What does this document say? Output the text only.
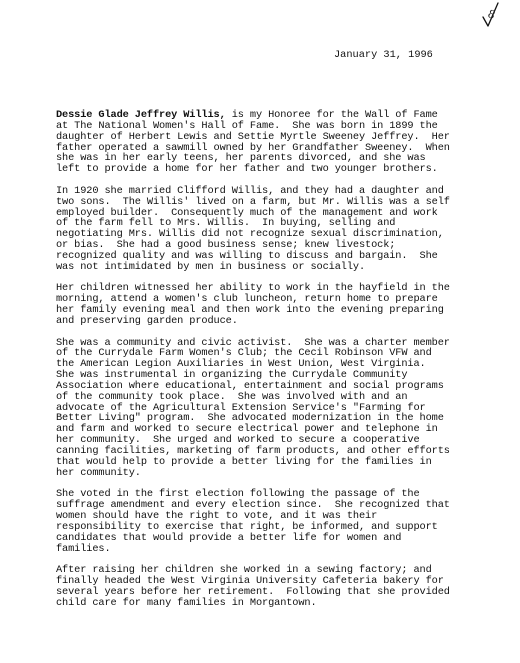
8
January 31, 1996
Dessie Glade Jeffrey Willis, is my Honoree for the Wall of Fame
at The National Women's Hall of Fame.  She was born in 1899 the
daughter of Herbert Lewis and Settie Myrtle Sweeney Jeffrey.  Her
father operated a sawmill owned by her Grandfather Sweeney.  When
she was in her early teens, her parents divorced, and she was
left to provide a home for her father and two younger brothers.
In 1920 she married Clifford Willis, and they had a daughter and
two sons.  The Willis' lived on a farm, but Mr. Willis was a self
employed builder.  Consequently much of the management and work
of the farm fell to Mrs. Willis.  In buying, selling and
negotiating Mrs. Willis did not recognize sexual discrimination,
or bias.  She had a good business sense; knew livestock;
recognized quality and was willing to discuss and bargain.  She
was not intimidated by men in business or socially.
Her children witnessed her ability to work in the hayfield in the
morning, attend a women's club luncheon, return home to prepare
her family evening meal and then work into the evening preparing
and preserving garden produce.
She was a community and civic activist.  She was a charter member
of the Currydale Farm Women's Club; the Cecil Robinson VFW and
the American Legion Auxiliaries in West Union, West Virginia.
She was instrumental in organizing the Currydale Community
Association where educational, entertainment and social programs
of the community took place.  She was involved with and an
advocate of the Agricultural Extension Service's "Farming for
Better Living" program.  She advocated modernization in the home
and farm and worked to secure electrical power and telephone in
her community.  She urged and worked to secure a cooperative
canning facilities, marketing of farm products, and other efforts
that would help to provide a better living for the families in
her community.
She voted in the first election following the passage of the
suffrage amendment and every election since.  She recognized that
women should have the right to vote, and it was their
responsibility to exercise that right, be informed, and support
candidates that would provide a better life for women and
families.
After raising her children she worked in a sewing factory; and
finally headed the West Virginia University Cafeteria bakery for
several years before her retirement.  Following that she provided
child care for many families in Morgantown.
